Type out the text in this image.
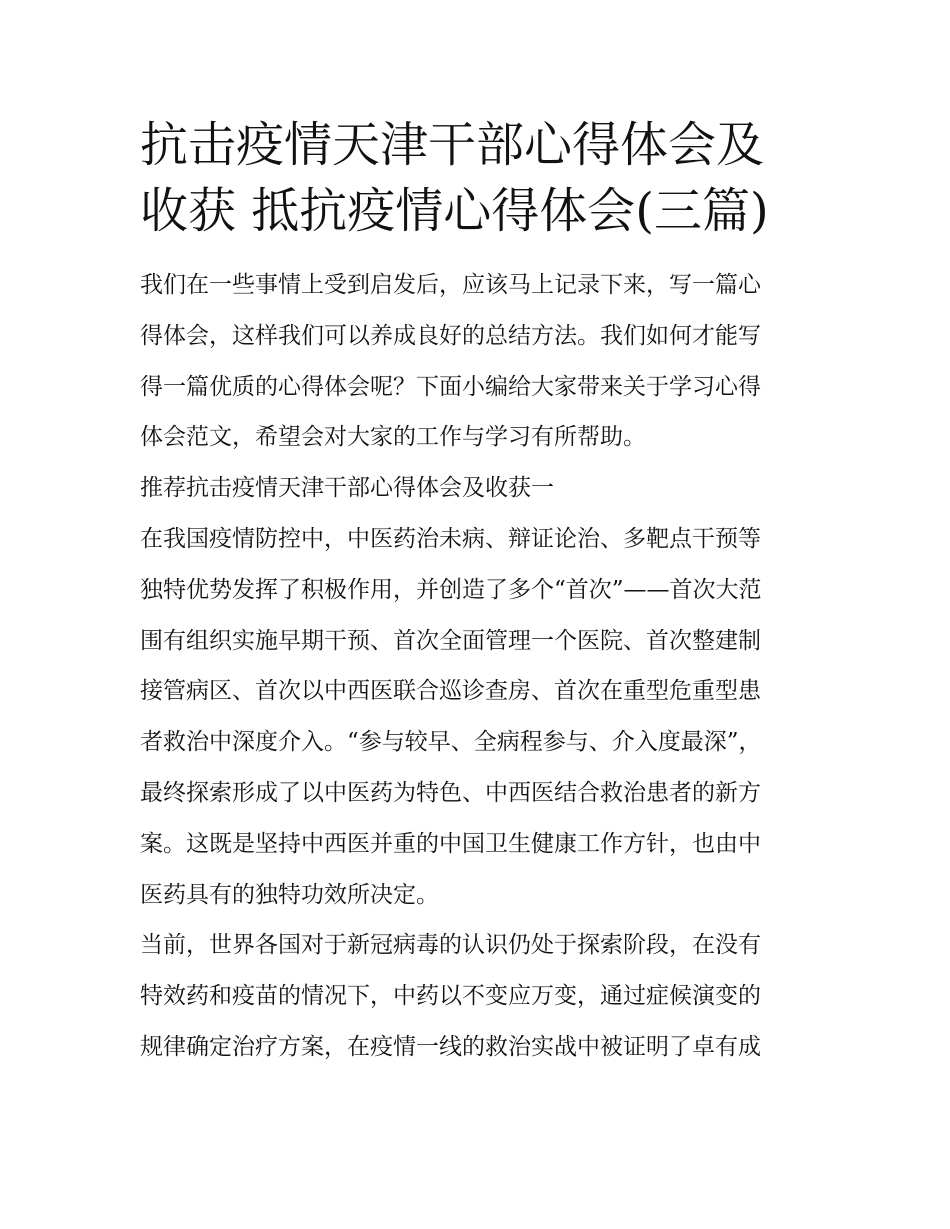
抗击疫情天津干部心得体会及
收获 抵抗疫情心得体会(三篇)

我们在一些事情上受到启发后，应该马上记录下来，写一篇心

得体会，这样我们可以养成良好的总结方法。我们如何才能写

得一篇优质的心得体会呢？下面小编给大家带来关于学习心得

体会范文，希望会对大家的工作与学习有所帮助。

推荐抗击疫情天津干部心得体会及收获一

在我国疫情防控中，中医药治未病、辩证论治、多靶点干预等

独特优势发挥了积极作用，并创造了多个“首次”——首次大范

围有组织实施早期干预、首次全面管理一个医院、首次整建制

接管病区、首次以中西医联合巡诊查房、首次在重型危重型患

者救治中深度介入。“参与较早、全病程参与、介入度最深”，

最终探索形成了以中医药为特色、中西医结合救治患者的新方

案。这既是坚持中西医并重的中国卫生健康工作方针，也由中

医药具有的独特功效所决定。

当前，世界各国对于新冠病毒的认识仍处于探索阶段，在没有

特效药和疫苗的情况下，中药以不变应万变，通过症候演变的

规律确定治疗方案，在疫情一线的救治实战中被证明了卓有成
